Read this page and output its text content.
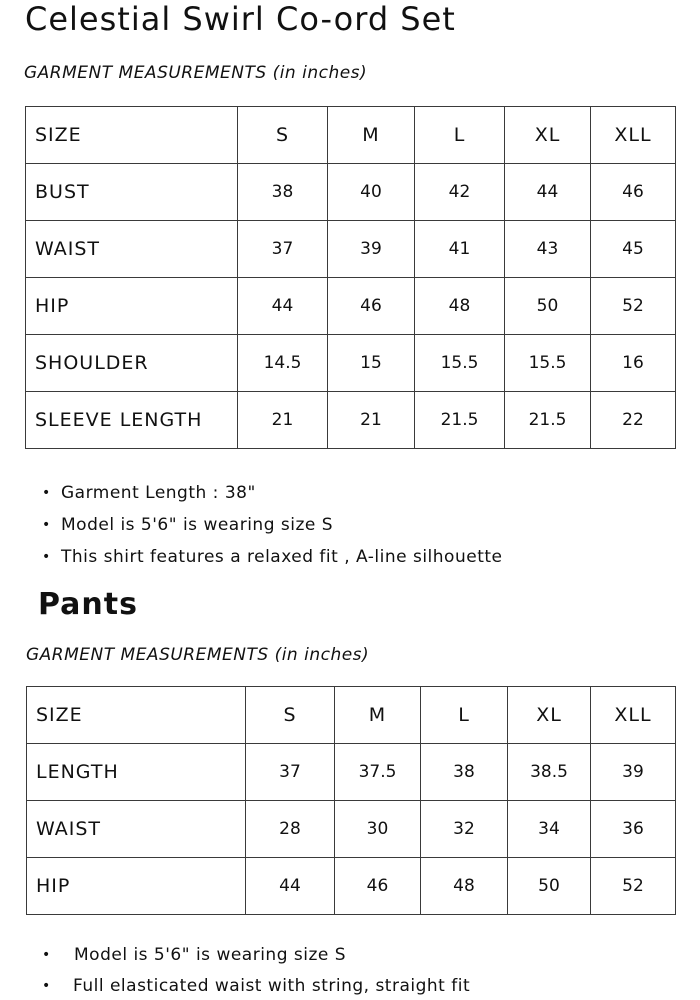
Celestial Swirl Co-ord Set
GARMENT MEASUREMENTS (in inches)
SIZE	S	M	L	XL	XLL
BUST	38	40	42	44	46
WAIST	37	39	41	43	45
HIP	44	46	48	50	52
SHOULDER	14.5	15	15.5	15.5	16
SLEEVE LENGTH	21	21	21.5	21.5	22
• Garment Length : 38"
• Model is 5'6" is wearing size S
• This shirt features a relaxed fit , A-line silhouette
Pants
GARMENT MEASUREMENTS (in inches)
SIZE	S	M	L	XL	XLL
LENGTH	37	37.5	38	38.5	39
WAIST	28	30	32	34	36
HIP	44	46	48	50	52
• Model is 5'6" is wearing size S
• Full elasticated waist with string, straight fit
